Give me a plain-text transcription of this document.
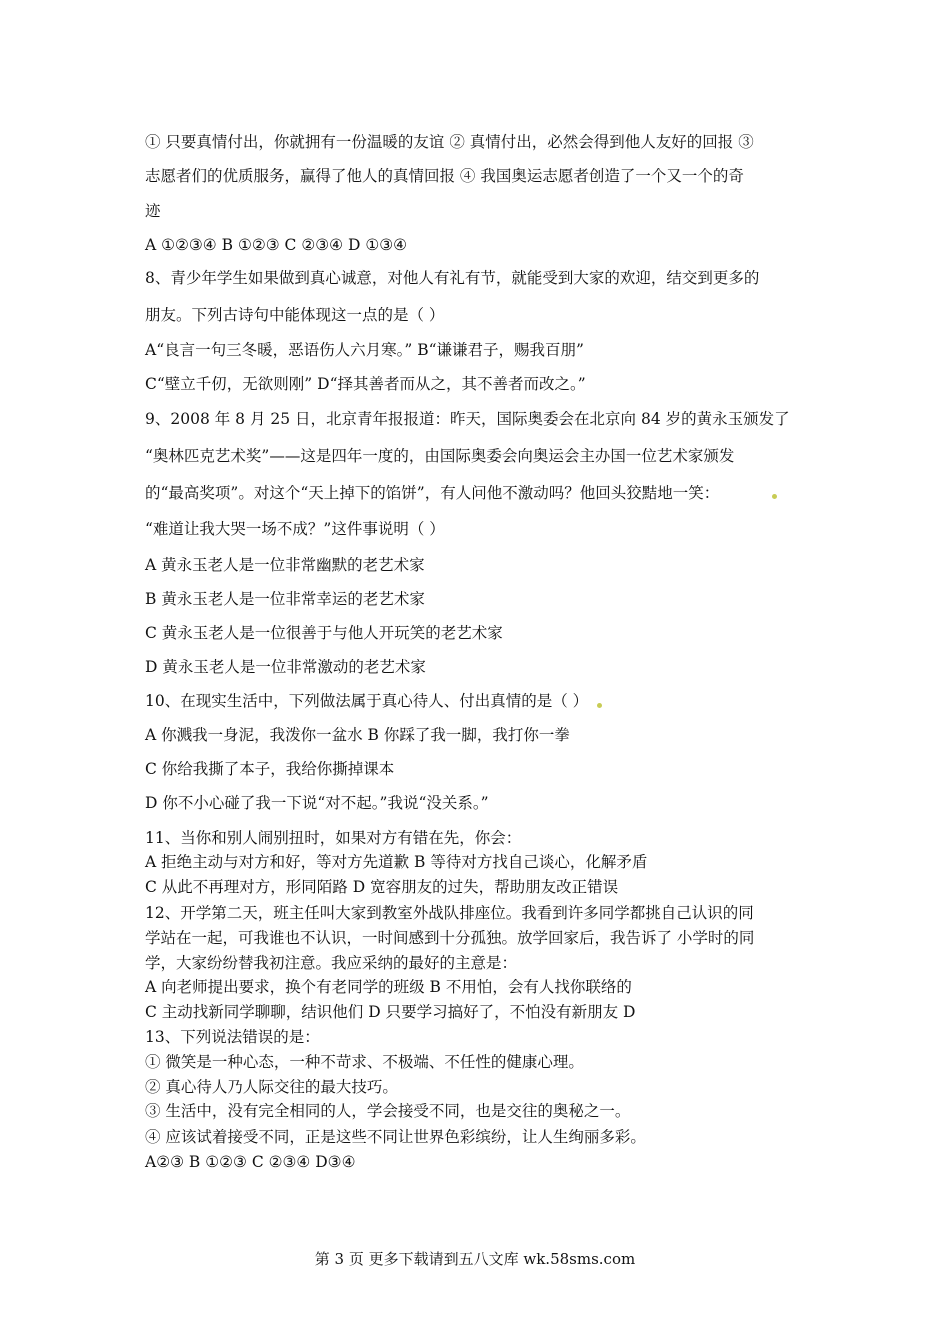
① 只要真情付出，你就拥有一份温暖的友谊 ② 真情付出，必然会得到他人友好的回报 ③
志愿者们的优质服务，赢得了他人的真情回报 ④ 我国奥运志愿者创造了一个又一个的奇
迹
A ①②③④ B ①②③ C ②③④ D ①③④
8、青少年学生如果做到真心诚意，对他人有礼有节，就能受到大家的欢迎，结交到更多的
朋友。下列古诗句中能体现这一点的是（ ）
A“良言一句三冬暖，恶语伤人六月寒。” B“谦谦君子，赐我百朋”
C“壁立千仞，无欲则刚” D“择其善者而从之，其不善者而改之。”
9、2008 年 8 月 25 日，北京青年报报道：昨天，国际奥委会在北京向 84 岁的黄永玉颁发了
“奥林匹克艺术奖”——这是四年一度的，由国际奥委会向奥运会主办国一位艺术家颁发
的“最高奖项”。对这个“天上掉下的馅饼”，有人问他不激动吗？他回头狡黠地一笑：
“难道让我大哭一场不成？”这件事说明（ ）
A 黄永玉老人是一位非常幽默的老艺术家
B 黄永玉老人是一位非常幸运的老艺术家
C 黄永玉老人是一位很善于与他人开玩笑的老艺术家
D 黄永玉老人是一位非常激动的老艺术家
10、在现实生活中，下列做法属于真心待人、付出真情的是（ ）
A 你溅我一身泥，我泼你一盆水 B 你踩了我一脚，我打你一拳
C 你给我撕了本子，我给你撕掉课本
D 你不小心碰了我一下说“对不起。”我说“没关系。”
11、当你和别人闹别扭时，如果对方有错在先，你会：
A 拒绝主动与对方和好，等对方先道歉 B 等待对方找自己谈心，化解矛盾
C 从此不再理对方，形同陌路 D 宽容朋友的过失，帮助朋友改正错误
12、开学第二天，班主任叫大家到教室外战队排座位。我看到许多同学都挑自己认识的同
学站在一起，可我谁也不认识，一时间感到十分孤独。放学回家后，我告诉了 小学时的同
学，大家纷纷替我初注意。我应采纳的最好的主意是：
A 向老师提出要求，换个有老同学的班级 B 不用怕，会有人找你联络的
C 主动找新同学聊聊，结识他们 D 只要学习搞好了，不怕没有新朋友 D
13、下列说法错误的是：
① 微笑是一种心态，一种不苛求、不极端、不任性的健康心理。
② 真心待人乃人际交往的最大技巧。
③ 生活中，没有完全相同的人，学会接受不同，也是交往的奥秘之一。
④ 应该试着接受不同，正是这些不同让世界色彩缤纷，让人生绚丽多彩。
A②③ B ①②③ C ②③④ D③④
第 3 页 更多下载请到五八文库 wk.58sms.com
